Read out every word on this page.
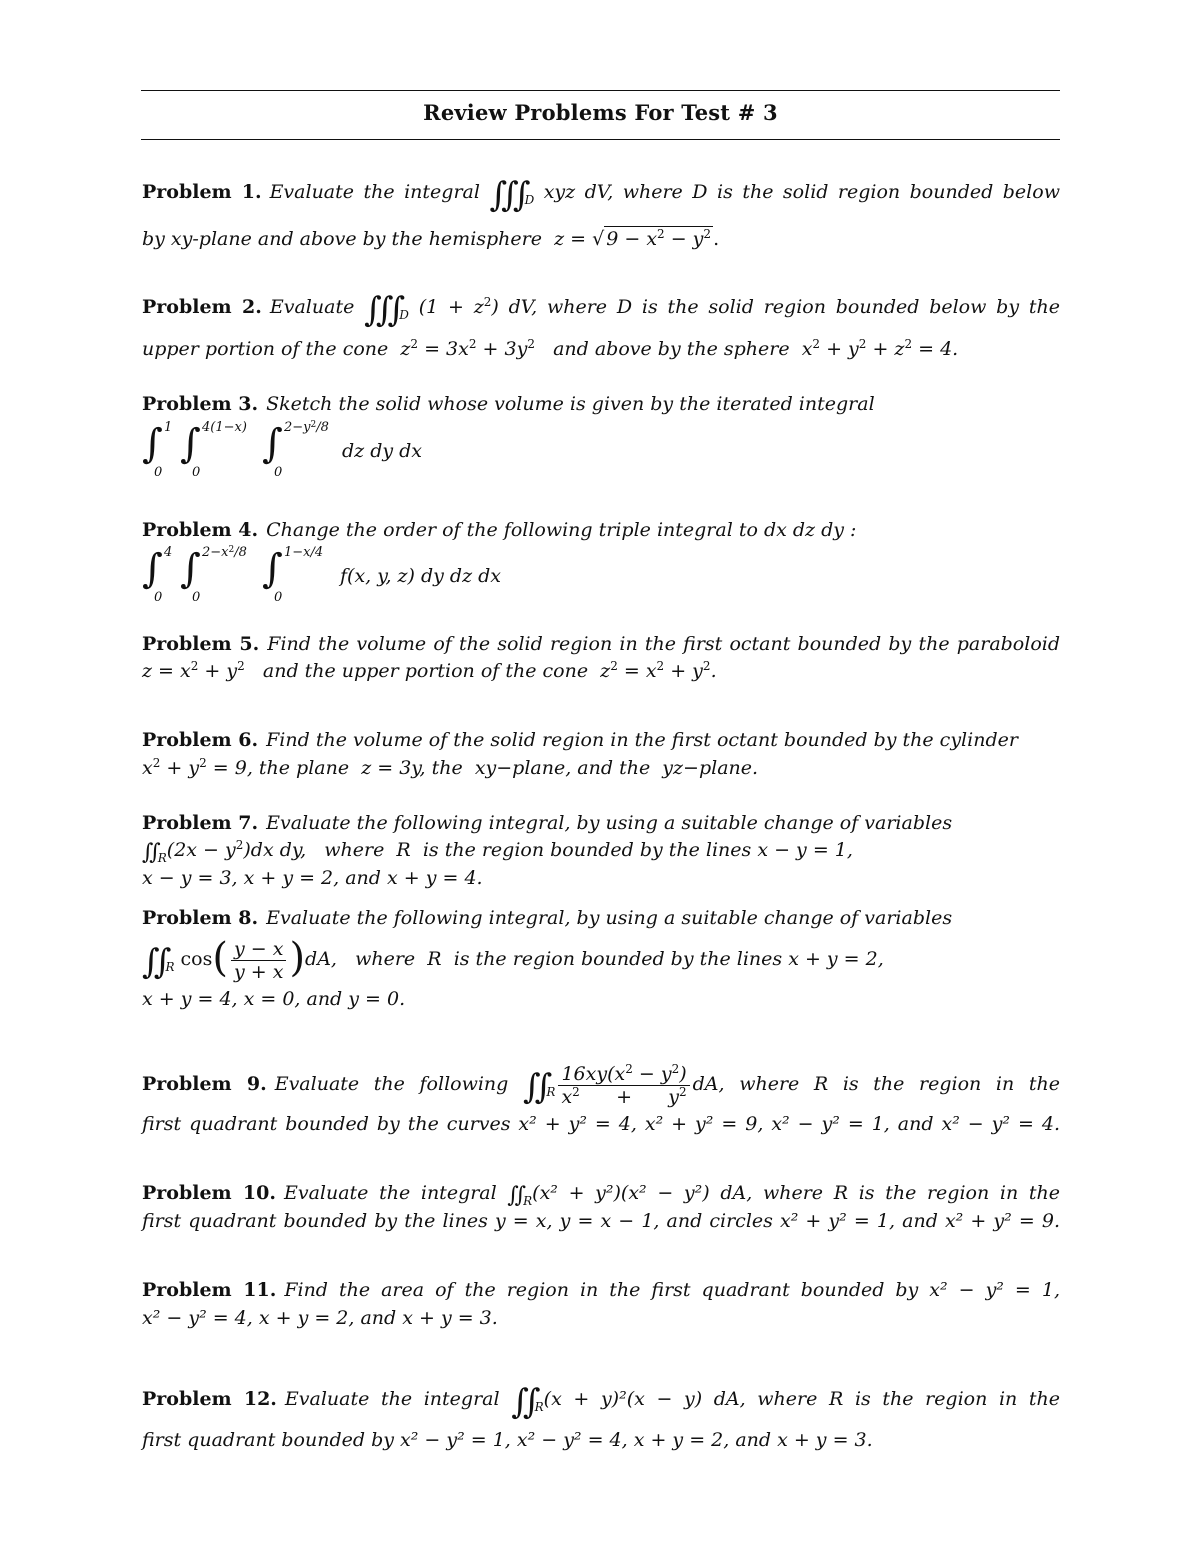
Review Problems For Test # 3
Problem 1. Evaluate the integral $\int\int\int_D$ xyz dV, where D is the solid region bounded below
by xy-plane and above by the hemisphere z = √ $9 - x^2 - y^2$ .
Problem 2. Evaluate $\int\int\int_D$ $(1 + z^2)$ dV, where D is the solid region bounded below by the
upper portion of the cone $z^2 = 3x^2 + 3y^2$ and above by the sphere $x^2 + y^2 + z^2 = 4$.
Problem 3. Sketch the solid whose volume is given by the iterated integral
∫ 1
0
∫ 4(1−x)
0
∫ $2-y^2/8$
0
dz dy dx
Problem 4. Change the order of the following triple integral to dx dz dy :
∫ 4
0
∫ $2-x^2/8$
0
∫ 1−x/4
0
f(x, y, z) dy dz dx
Problem 5. Find the volume of the solid region in the first octant bounded by the paraboloid
$z = x^2 + y^2$ and the upper portion of the cone $z^2 = x^2 + y^2$.
Problem 6. Find the volume of the solid region in the first octant bounded by the cylinder
$x^2 + y^2 = 9$, the plane z = 3y, the xy−plane, and the yz−plane.
Problem 7. Evaluate the following integral, by using a suitable change of variables
$∬_R(2x - y^2)dx$ dy, where R is the region bounded by the lines x − y = 1,
x − y = 3, x + y = 2, and x + y = 4.
Problem 8. Evaluate the following integral, by using a suitable change of variables
$\int\int_R$ $\cos( \frac{y - x}{y + x} )dA$, where R is the region bounded by the lines x + y = 2,
x + y = 4, x = 0, and y = 0.
Problem 9. Evaluate the following $\int\int_R \frac{16xy(x^2 - y^2)}{x^2 + y^2}$ dA, where R is the region in the
first quadrant bounded by the curves x² + y² = 4, x² + y² = 9, x² − y² = 1, and x² − y² = 4.
Problem 10. Evaluate the integral $∬_R(x^2 + y^2)(x^2 - y^2)$ dA, where R is the region in the
first quadrant bounded by the lines y = x, y = x − 1, and circles x² + y² = 1, and x² + y² = 9.
Problem 11. Find the area of the region in the first quadrant bounded by x² − y² = 1,
x² − y² = 4, x + y = 2, and x + y = 3.
Problem 12. Evaluate the integral $\int\int_R(x + y)^2(x - y)$ dA, where R is the region in the
first quadrant bounded by x² − y² = 1, x² − y² = 4, x + y = 2, and x + y = 3.
